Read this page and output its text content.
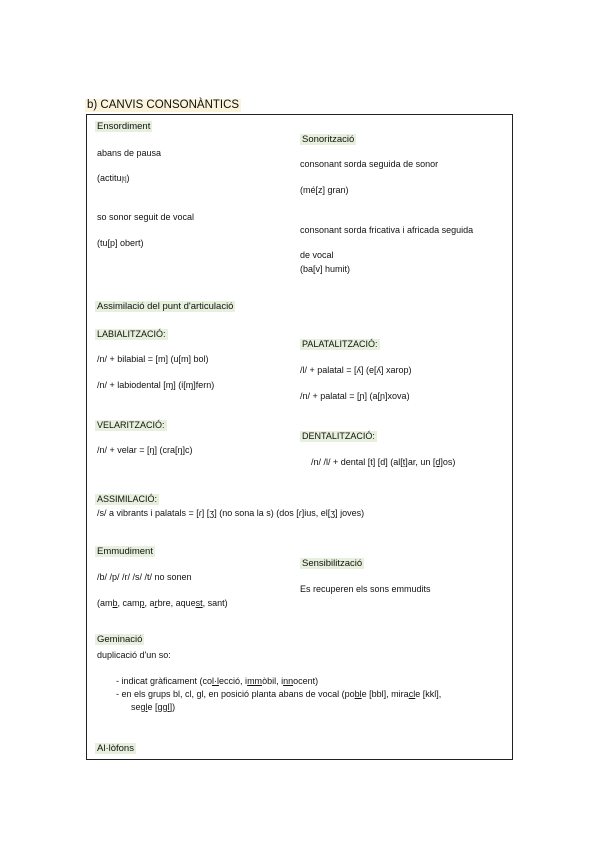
b) CANVIS CONSONÀNTICS
Ensordiment
abans de pausa
(actitu[t])
so sonor seguit de vocal
(tu[p] obert)
Sonorització
consonant sorda seguida de sonor
(mé[z] gran)
consonant sorda fricativa i africada seguida
de vocal
(ba[v] humit)
Assimilació del punt d'articulació
LABIALITZACIÓ:
/n/ + bilabial = [m] (u[m] bol)
/n/ + labiodental [ɱ] (i[ɱ]fern)
PALATALITZACIÓ:
/l/ + palatal = [ʎ] (e[ʎ] xarop)
/n/ + palatal = [ɲ] (a[ɲ]xova)
VELARITZACIÓ:
/n/ + velar = [ŋ] (cra[ŋ]c)
DENTALITZACIÓ:
/n/ /l/ + dental [t] [d] (al[t]ar, un [d]os)
ASSIMILACIÓ:
/s/ a vibrants i palatals = [ɾ] [ʒ] (no sona la s) (dos [ɾ]ius, el[ʒ] joves)
Emmudiment
/b/ /p/ /r/ /s/ /t/ no sonen
(amb, camp, arbre, aquest, sant)
Sensibilització
Es recuperen els sons emmudits
Geminació
duplicació d'un so:
- indicat gràficament (col·lecció, immòbil, innocent)
- en els grups bl, cl, gl, en posició planta abans de vocal (poble [bbl], miracle [kkl],
segle [ggl])
Al·lòfons
